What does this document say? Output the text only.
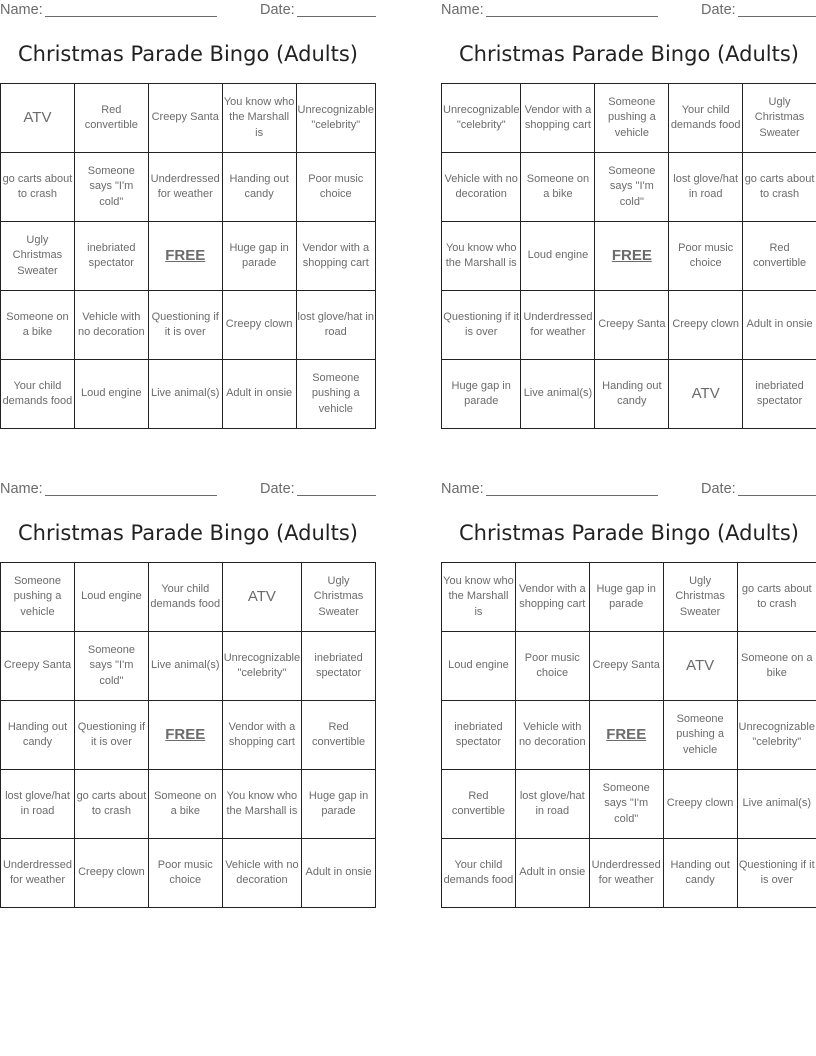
Name:	Date:
Christmas Parade Bingo (Adults)
ATV	Red convertible	Creepy Santa	You know who the Marshall is	Unrecognizable "celebrity"
go carts about to crash	Someone says "I'm cold"	Underdressed for weather	Handing out candy	Poor music choice
Ugly Christmas Sweater	inebriated spectator	FREE	Huge gap in parade	Vendor with a shopping cart
Someone on a bike	Vehicle with no decoration	Questioning if it is over	Creepy clown	lost glove/hat in road
Your child demands food	Loud engine	Live animal(s)	Adult in onsie	Someone pushing a vehicle
Name:	Date:
Christmas Parade Bingo (Adults)
Unrecognizable "celebrity"	Vendor with a shopping cart	Someone pushing a vehicle	Your child demands food	Ugly Christmas Sweater
Vehicle with no decoration	Someone on a bike	Someone says "I'm cold"	lost glove/hat in road	go carts about to crash
You know who the Marshall is	Loud engine	FREE	Poor music choice	Red convertible
Questioning if it is over	Underdressed for weather	Creepy Santa	Creepy clown	Adult in onsie
Huge gap in parade	Live animal(s)	Handing out candy	ATV	inebriated spectator
Name:	Date:
Christmas Parade Bingo (Adults)
Someone pushing a vehicle	Loud engine	Your child demands food	ATV	Ugly Christmas Sweater
Creepy Santa	Someone says "I'm cold"	Live animal(s)	Unrecognizable "celebrity"	inebriated spectator
Handing out candy	Questioning if it is over	FREE	Vendor with a shopping cart	Red convertible
lost glove/hat in road	go carts about to crash	Someone on a bike	You know who the Marshall is	Huge gap in parade
Underdressed for weather	Creepy clown	Poor music choice	Vehicle with no decoration	Adult in onsie
Name:	Date:
Christmas Parade Bingo (Adults)
You know who the Marshall is	Vendor with a shopping cart	Huge gap in parade	Ugly Christmas Sweater	go carts about to crash
Loud engine	Poor music choice	Creepy Santa	ATV	Someone on a bike
inebriated spectator	Vehicle with no decoration	FREE	Someone pushing a vehicle	Unrecognizable "celebrity"
Red convertible	lost glove/hat in road	Someone says "I'm cold"	Creepy clown	Live animal(s)
Your child demands food	Adult in onsie	Underdressed for weather	Handing out candy	Questioning if it is over
